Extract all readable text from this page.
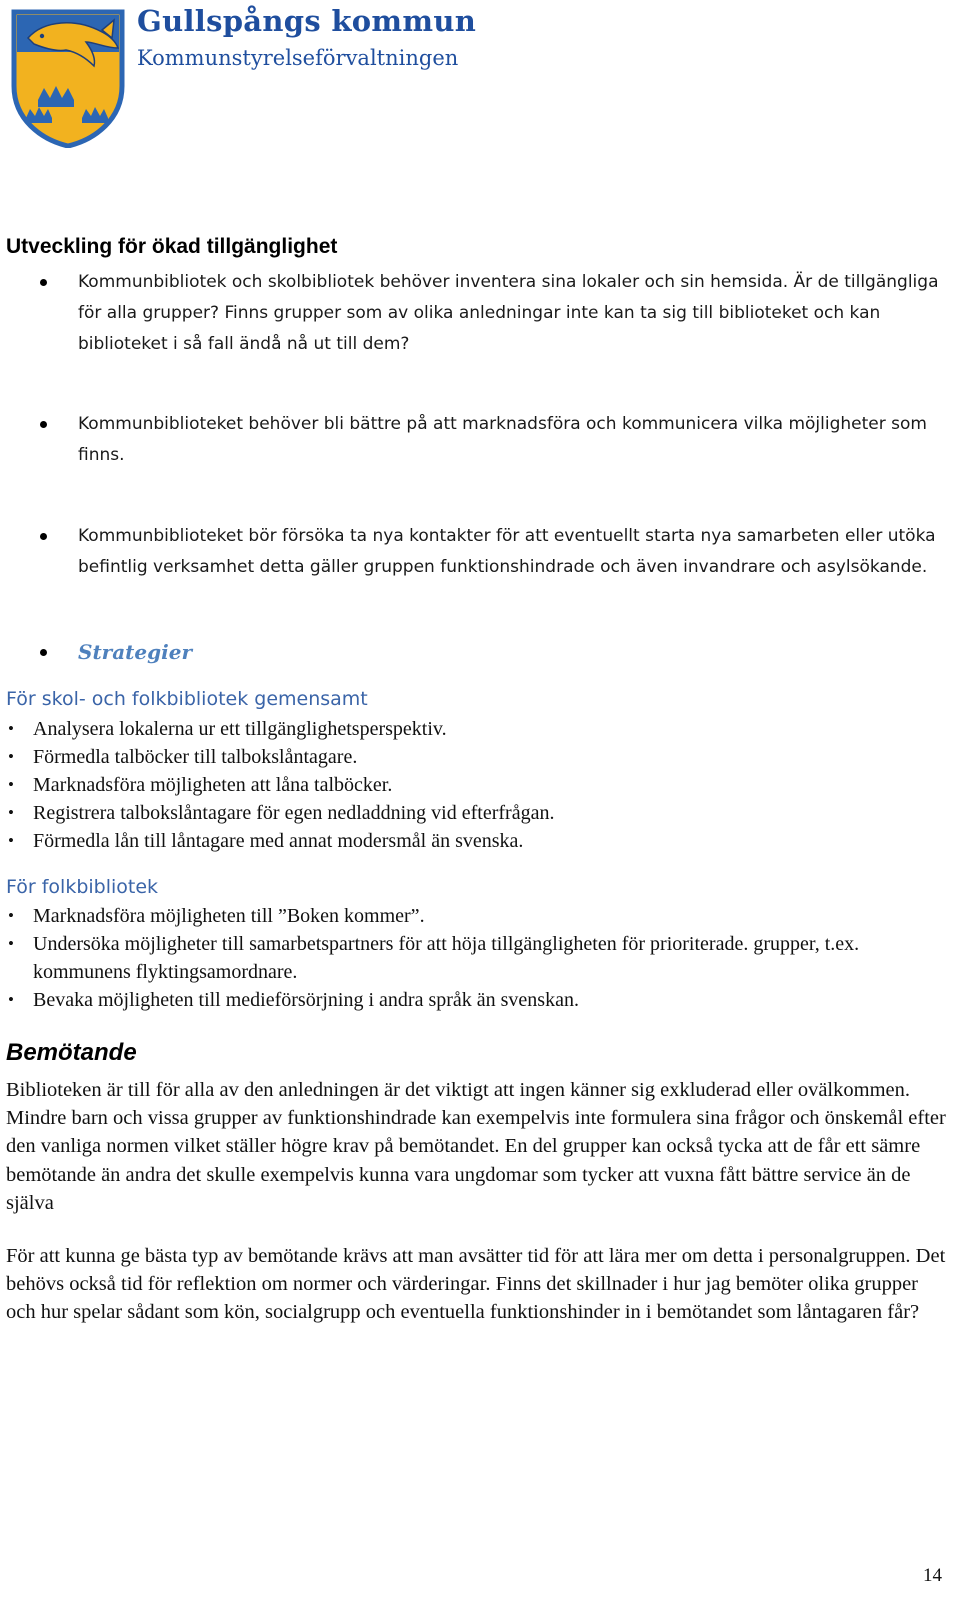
Gullspångs kommun
Kommunstyrelseförvaltningen
Utveckling för ökad tillgänglighet
Kommunbibliotek och skolbibliotek behöver inventera sina lokaler och sin hemsida. Är de tillgängliga för alla grupper? Finns grupper som av olika anledningar inte kan ta sig till biblioteket och kan biblioteket i så fall ändå nå ut till dem?
Kommunbiblioteket behöver bli bättre på att marknadsföra och kommunicera vilka möjligheter som finns.
Kommunbiblioteket bör försöka ta nya kontakter för att eventuellt starta nya samarbeten eller utöka befintlig verksamhet detta gäller gruppen funktionshindrade och även invandrare och asylsökande.
Strategier
För skol- och folkbibliotek gemensamt
• Analysera lokalerna ur ett tillgänglighetsperspektiv.
• Förmedla talböcker till talbokslåntagare.
• Marknadsföra möjligheten att låna talböcker.
• Registrera talbokslåntagare för egen nedladdning vid efterfrågan.
• Förmedla lån till låntagare med annat modersmål än svenska.
För folkbibliotek
• Marknadsföra möjligheten till ”Boken kommer”.
• Undersöka möjligheter till samarbetspartners för att höja tillgängligheten för prioriterade. grupper, t.ex. kommunens flyktingsamordnare.
• Bevaka möjligheten till medieförsörjning i andra språk än svenskan.
Bemötande

Biblioteken är till för alla av den anledningen är det viktigt att ingen känner sig exkluderad eller ovälkommen. Mindre barn och vissa grupper av funktionshindrade kan exempelvis inte formulera sina frågor och önskemål efter den vanliga normen vilket ställer högre krav på bemötandet. En del grupper kan också tycka att de får ett sämre bemötande än andra det skulle exempelvis kunna vara ungdomar som tycker att vuxna fått bättre service än de själva

För att kunna ge bästa typ av bemötande krävs att man avsätter tid för att lära mer om detta i personalgruppen. Det behövs också tid för reflektion om normer och värderingar. Finns det skillnader i hur jag bemöter olika grupper och hur spelar sådant som kön, socialgrupp och eventuella funktionshinder in i bemötandet som låntagaren får?

14
